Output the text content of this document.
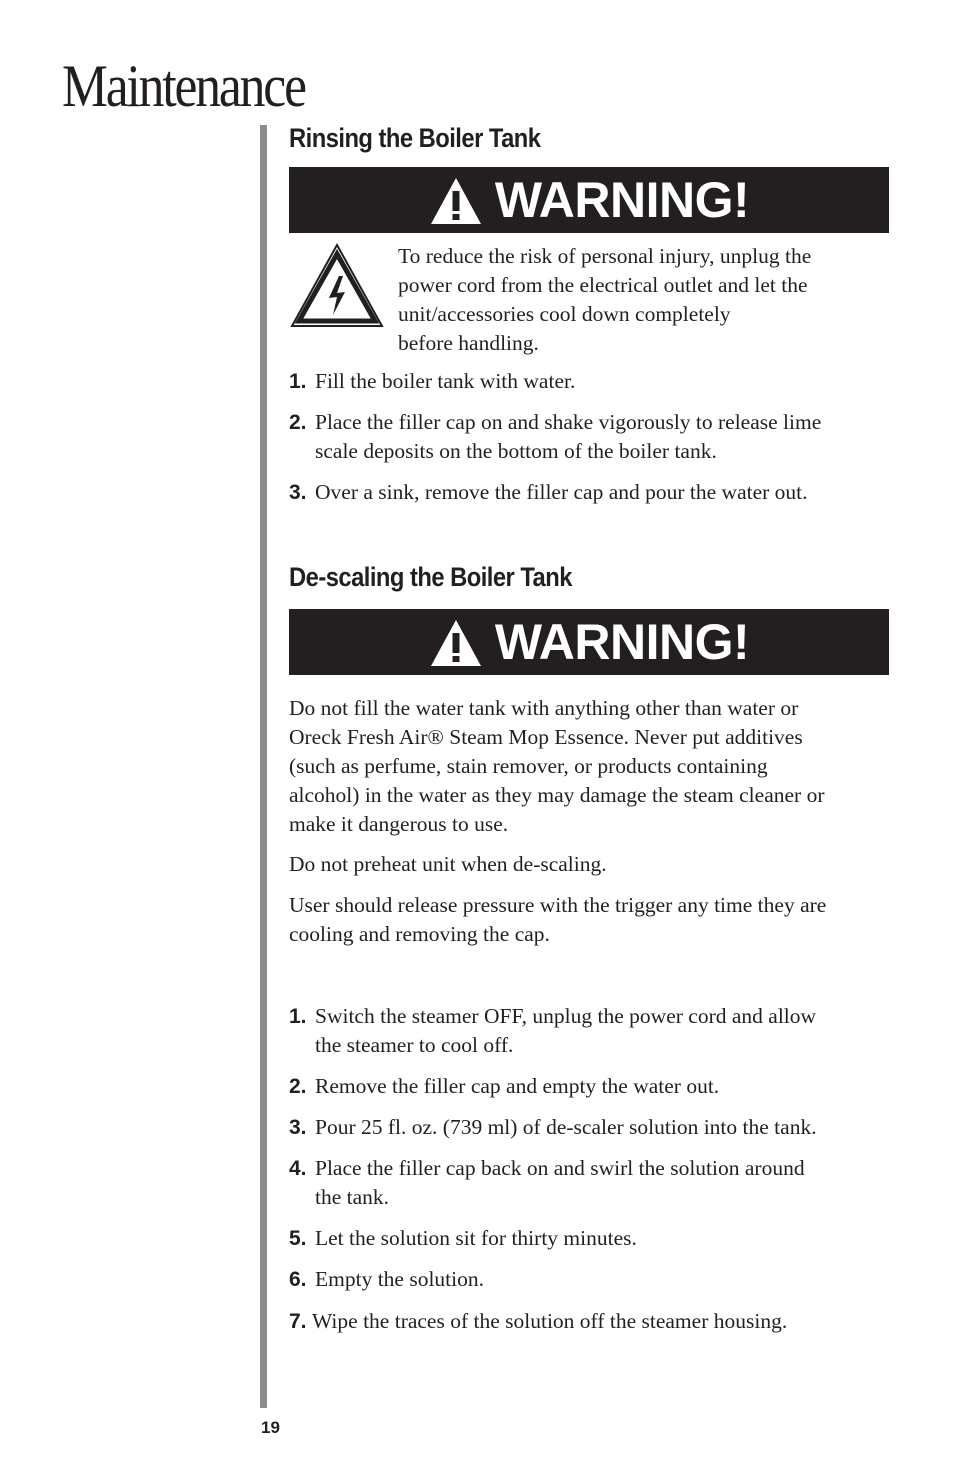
Maintenance
Rinsing the Boiler Tank
WARNING!
To reduce the risk of personal injury, unplug the
power cord from the electrical outlet and let the
unit/accessories cool down completely
before handling.
1. Fill the boiler tank with water.
2. Place the filler cap on and shake vigorously to release lime
scale deposits on the bottom of the boiler tank.
3. Over a sink, remove the filler cap and pour the water out.
De-scaling the Boiler Tank
WARNING!
Do not fill the water tank with anything other than water or
Oreck Fresh Air® Steam Mop Essence. Never put additives
(such as perfume, stain remover, or products containing
alcohol) in the water as they may damage the steam cleaner or
make it dangerous to use.
Do not preheat unit when de-scaling.
User should release pressure with the trigger any time they are
cooling and removing the cap.
1. Switch the steamer OFF, unplug the power cord and allow
the steamer to cool off.
2. Remove the filler cap and empty the water out.
3. Pour 25 fl. oz. (739 ml) of de-scaler solution into the tank.
4. Place the filler cap back on and swirl the solution around
the tank.
5. Let the solution sit for thirty minutes.
6. Empty the solution.
7. Wipe the traces of the solution off the steamer housing.
19
